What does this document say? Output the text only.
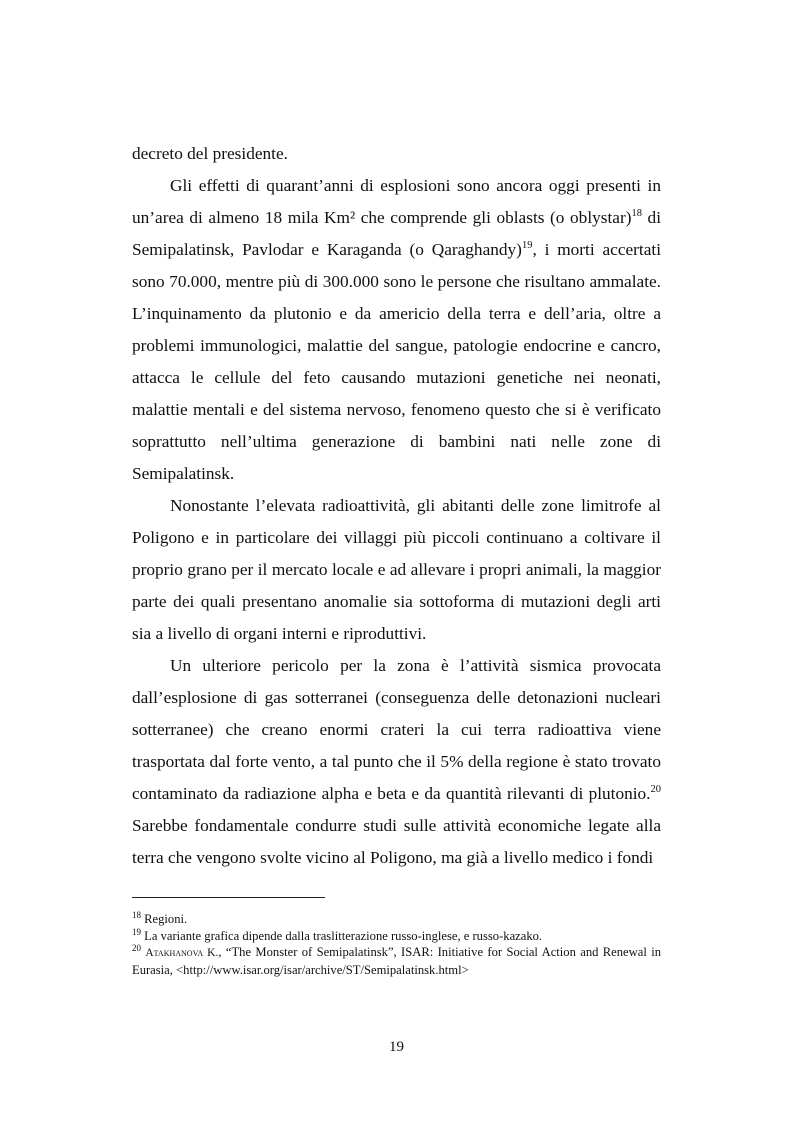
decreto del presidente.

Gli effetti di quarant’anni di esplosioni sono ancora oggi presenti in un’area di almeno 18 mila Km² che comprende gli oblasts (o oblystar)$^{18}$ di Semipalatinsk, Pavlodar e Karaganda (o Qaraghandy)$^{19}$, i morti accertati sono 70.000, mentre più di 300.000 sono le persone che risultano ammalate. L’inquinamento da plutonio e da americio della terra e dell’aria, oltre a problemi immunologici, malattie del sangue, patologie endocrine e cancro, attacca le cellule del feto causando mutazioni genetiche nei neonati, malattie mentali e del sistema nervoso, fenomeno questo che si è verificato soprattutto nell’ultima generazione di bambini nati nelle zone di Semipalatinsk.

Nonostante l’elevata radioattività, gli abitanti delle zone limitrofe al Poligono e in particolare dei villaggi più piccoli continuano a coltivare il proprio grano per il mercato locale e ad allevare i propri animali, la maggior parte dei quali presentano anomalie sia sottoforma di mutazioni degli arti sia a livello di organi interni e riproduttivi.

Un ulteriore pericolo per la zona è l’attività sismica provocata dall’esplosione di gas sotterranei (conseguenza delle detonazioni nucleari sotterranee) che creano enormi crateri la cui terra radioattiva viene trasportata dal forte vento, a tal punto che il 5% della regione è stato trovato contaminato da radiazione alpha e beta e da quantità rilevanti di plutonio.$^{20}$ Sarebbe fondamentale condurre studi sulle attività economiche legate alla terra che vengono svolte vicino al Poligono, ma già a livello medico i fondi

$^{18}$ Regioni.

$^{19}$ La variante grafica dipende dalla traslitterazione russo-inglese, e russo-kazako.

$^{20}$ Atakhanova K., “The Monster of Semipalatinsk”, ISAR: Initiative for Social Action and Renewal in Eurasia, <http://www.isar.org/isar/archive/ST/Semipalatinsk.html>

19
